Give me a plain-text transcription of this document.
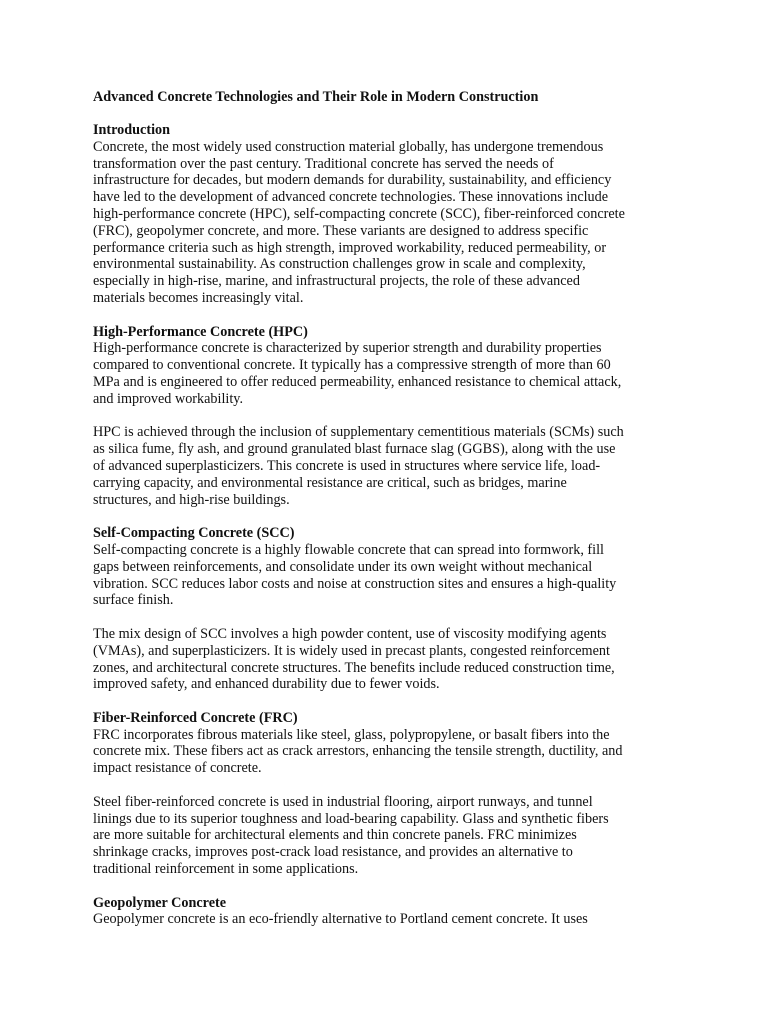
Advanced Concrete Technologies and Their Role in Modern Construction
Introduction
Concrete, the most widely used construction material globally, has undergone tremendous
transformation over the past century. Traditional concrete has served the needs of
infrastructure for decades, but modern demands for durability, sustainability, and efficiency
have led to the development of advanced concrete technologies. These innovations include
high-performance concrete (HPC), self-compacting concrete (SCC), fiber-reinforced concrete
(FRC), geopolymer concrete, and more. These variants are designed to address specific
performance criteria such as high strength, improved workability, reduced permeability, or
environmental sustainability. As construction challenges grow in scale and complexity,
especially in high-rise, marine, and infrastructural projects, the role of these advanced
materials becomes increasingly vital.
High-Performance Concrete (HPC)
High-performance concrete is characterized by superior strength and durability properties
compared to conventional concrete. It typically has a compressive strength of more than 60
MPa and is engineered to offer reduced permeability, enhanced resistance to chemical attack,
and improved workability.
HPC is achieved through the inclusion of supplementary cementitious materials (SCMs) such
as silica fume, fly ash, and ground granulated blast furnace slag (GGBS), along with the use
of advanced superplasticizers. This concrete is used in structures where service life, load-
carrying capacity, and environmental resistance are critical, such as bridges, marine
structures, and high-rise buildings.
Self-Compacting Concrete (SCC)
Self-compacting concrete is a highly flowable concrete that can spread into formwork, fill
gaps between reinforcements, and consolidate under its own weight without mechanical
vibration. SCC reduces labor costs and noise at construction sites and ensures a high-quality
surface finish.
The mix design of SCC involves a high powder content, use of viscosity modifying agents
(VMAs), and superplasticizers. It is widely used in precast plants, congested reinforcement
zones, and architectural concrete structures. The benefits include reduced construction time,
improved safety, and enhanced durability due to fewer voids.
Fiber-Reinforced Concrete (FRC)
FRC incorporates fibrous materials like steel, glass, polypropylene, or basalt fibers into the
concrete mix. These fibers act as crack arrestors, enhancing the tensile strength, ductility, and
impact resistance of concrete.
Steel fiber-reinforced concrete is used in industrial flooring, airport runways, and tunnel
linings due to its superior toughness and load-bearing capability. Glass and synthetic fibers
are more suitable for architectural elements and thin concrete panels. FRC minimizes
shrinkage cracks, improves post-crack load resistance, and provides an alternative to
traditional reinforcement in some applications.
Geopolymer Concrete
Geopolymer concrete is an eco-friendly alternative to Portland cement concrete. It uses
